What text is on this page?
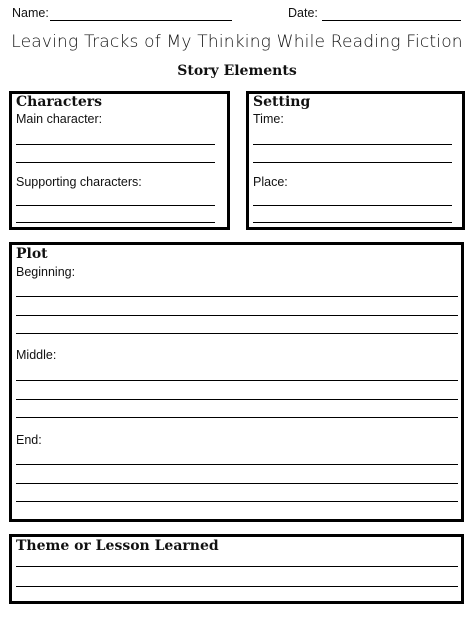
Name:	Date:
Leaving Tracks of My Thinking While Reading Fiction
Story Elements
Characters
Main character:
Supporting characters:
Setting
Time:
Place:
Plot
Beginning:
Middle:
End:
Theme or Lesson Learned
